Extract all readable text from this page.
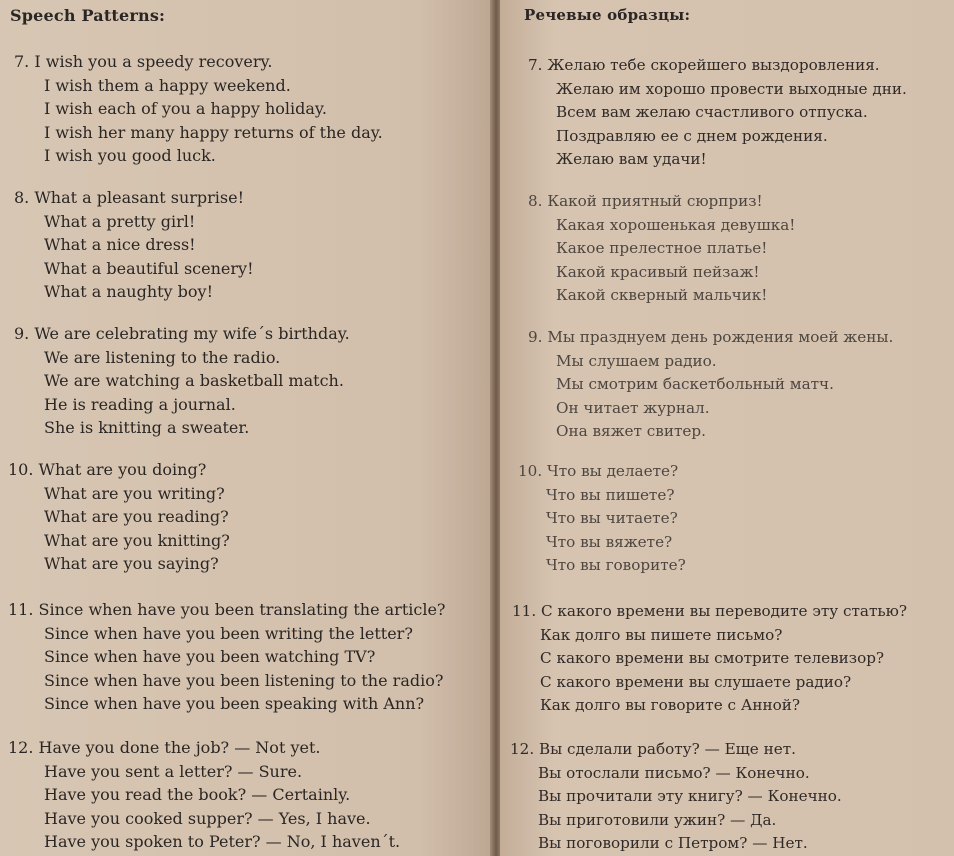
Speech Patterns:
7. I wish you a speedy recovery.
I wish them a happy weekend.
I wish each of you a happy holiday.
I wish her many happy returns of the day.
I wish you good luck.
8. What a pleasant surprise!
What a pretty girl!
What a nice dress!
What a beautiful scenery!
What a naughty boy!
9. We are celebrating my wife´s birthday.
We are listening to the radio.
We are watching a basketball match.
He is reading a journal.
She is knitting a sweater.
10. What are you doing?
What are you writing?
What are you reading?
What are you knitting?
What are you saying?
11. Since when have you been translating the article?
Since when have you been writing the letter?
Since when have you been watching TV?
Since when have you been listening to the radio?
Since when have you been speaking with Ann?
12. Have you done the job? — Not yet.
Have you sent a letter? — Sure.
Have you read the book? — Certainly.
Have you cooked supper? — Yes, I have.
Have you spoken to Peter? — No, I haven´t.
Речевые образцы:
7. Желаю тебе скорейшего выздоровления.
Желаю им хорошо провести выходные дни.
Всем вам желаю счастливого отпуска.
Поздравляю ее с днем рождения.
Желаю вам удачи!
8. Какой приятный сюрприз!
Какая хорошенькая девушка!
Какое прелестное платье!
Какой красивый пейзаж!
Какой скверный мальчик!
9. Мы празднуем день рождения моей жены.
Мы слушаем радио.
Мы смотрим баскетбольный матч.
Он читает журнал.
Она вяжет свитер.
10. Что вы делаете?
Что вы пишете?
Что вы читаете?
Что вы вяжете?
Что вы говорите?
11. С какого времени вы переводите эту статью?
Как долго вы пишете письмо?
С какого времени вы смотрите телевизор?
С какого времени вы слушаете радио?
Как долго вы говорите с Анной?
12. Вы сделали работу? — Еще нет.
Вы отослали письмо? — Конечно.
Вы прочитали эту книгу? — Конечно.
Вы приготовили ужин? — Да.
Вы поговорили с Петром? — Нет.
